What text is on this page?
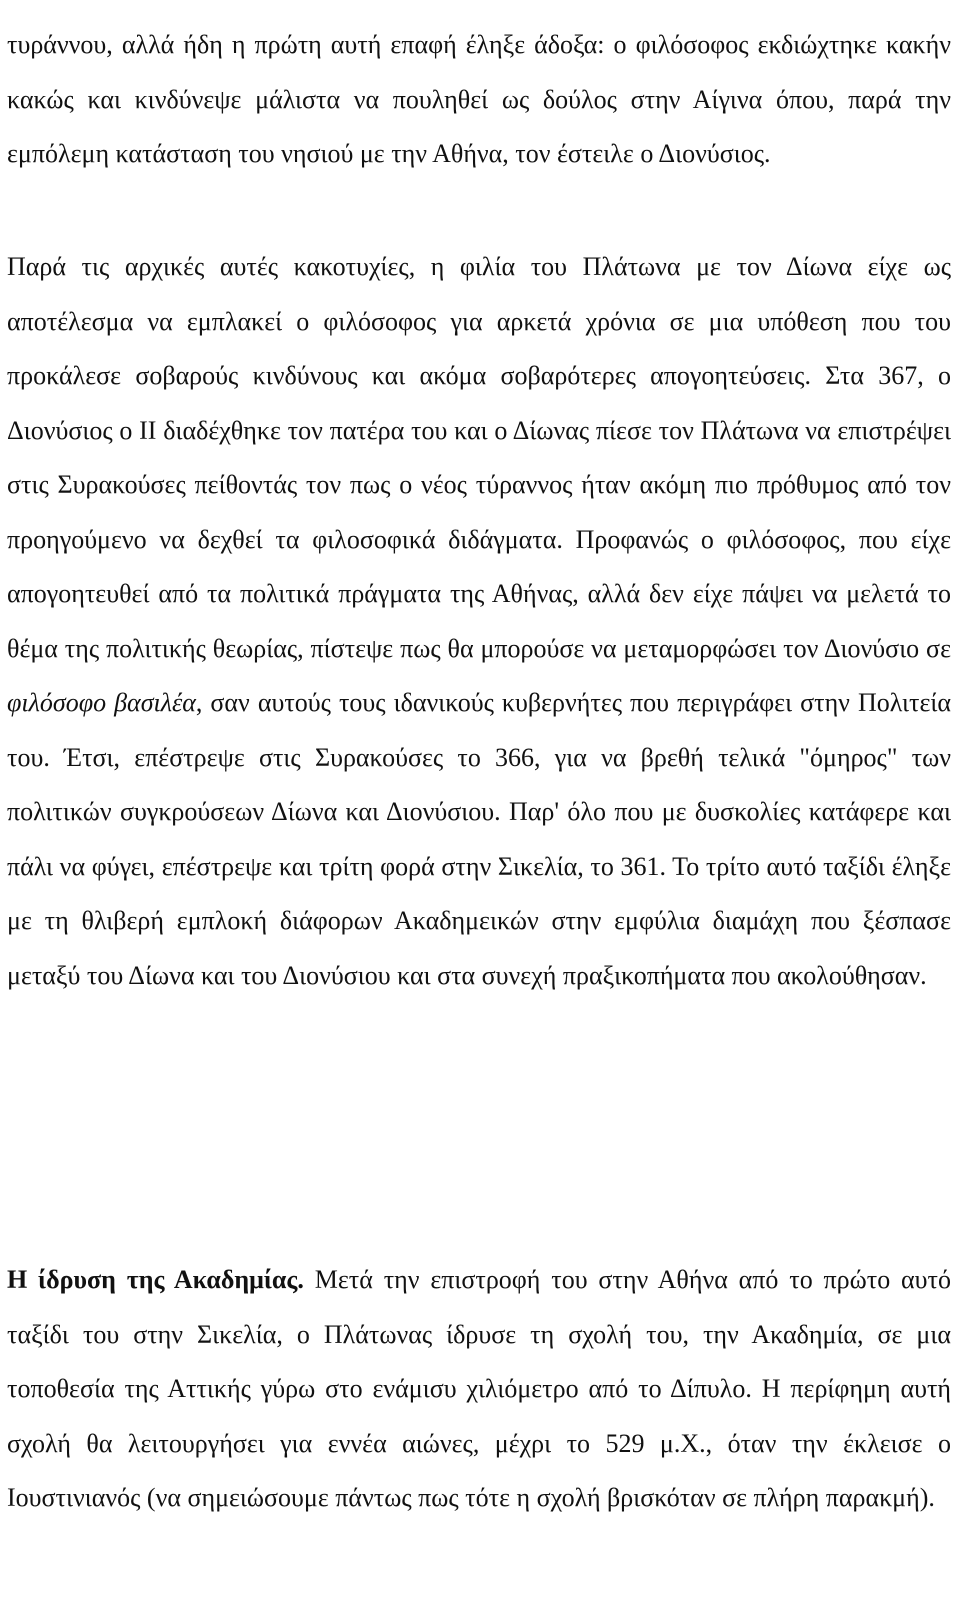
τυράννου, αλλά ήδη η πρώτη αυτή επαφή έληξε άδοξα: ο φιλόσοφος εκδιώχτηκε κακήν κακώς και κινδύνεψε μάλιστα να πουληθεί ως δούλος στην Αίγινα όπου, παρά την εμπόλεμη κατάσταση του νησιού με την Αθήνα, τον έστειλε ο Διονύσιος.

Παρά τις αρχικές αυτές κακοτυχίες, η φιλία του Πλάτωνα με τον Δίωνα είχε ως αποτέλεσμα να εμπλακεί ο φιλόσοφος για αρκετά χρόνια σε μια υπόθεση που του προκάλεσε σοβαρούς κινδύνους και ακόμα σοβαρότερες απογοητεύσεις. Στα 367, ο Διονύσιος ο ΙΙ διαδέχθηκε τον πατέρα του και ο Δίωνας πίεσε τον Πλάτωνα να επιστρέψει στις Συρακούσες πείθοντάς τον πως ο νέος τύραννος ήταν ακόμη πιο πρόθυμος από τον προηγούμενο να δεχθεί τα φιλοσοφικά διδάγματα. Προφανώς ο φιλόσοφος, που είχε απογοητευθεί από τα πολιτικά πράγματα της Αθήνας, αλλά δεν είχε πάψει να μελετά το θέμα της πολιτικής θεωρίας, πίστεψε πως θα μπορούσε να μεταμορφώσει τον Διονύσιο σε φιλόσοφο βασιλέα, σαν αυτούς τους ιδανικούς κυβερνήτες που περιγράφει στην Πολιτεία του. Έτσι, επέστρεψε στις Συρακούσες το 366, για να βρεθή τελικά "όμηρος" των πολιτικών συγκρούσεων Δίωνα και Διονύσιου. Παρ' όλο που με δυσκολίες κατάφερε και πάλι να φύγει, επέστρεψε και τρίτη φορά στην Σικελία, το 361. Το τρίτο αυτό ταξίδι έληξε με τη θλιβερή εμπλοκή διάφορων Ακαδημεικών στην εμφύλια διαμάχη που ξέσπασε μεταξύ του Δίωνα και του Διονύσιου και στα συνεχή πραξικοπήματα που ακολούθησαν.

Η ίδρυση της Ακαδημίας. Μετά την επιστροφή του στην Αθήνα από το πρώτο αυτό ταξίδι του στην Σικελία, ο Πλάτωνας ίδρυσε τη σχολή του, την Ακαδημία, σε μια τοποθεσία της Αττικής γύρω στο ενάμισυ χιλιόμετρο από το Δίπυλο. Η περίφημη αυτή σχολή θα λειτουργήσει για εννέα αιώνες, μέχρι το 529 μ.Χ., όταν την έκλεισε ο Ιουστινιανός (να σημειώσουμε πάντως πως τότε η σχολή βρισκόταν σε πλήρη παρακμή).
